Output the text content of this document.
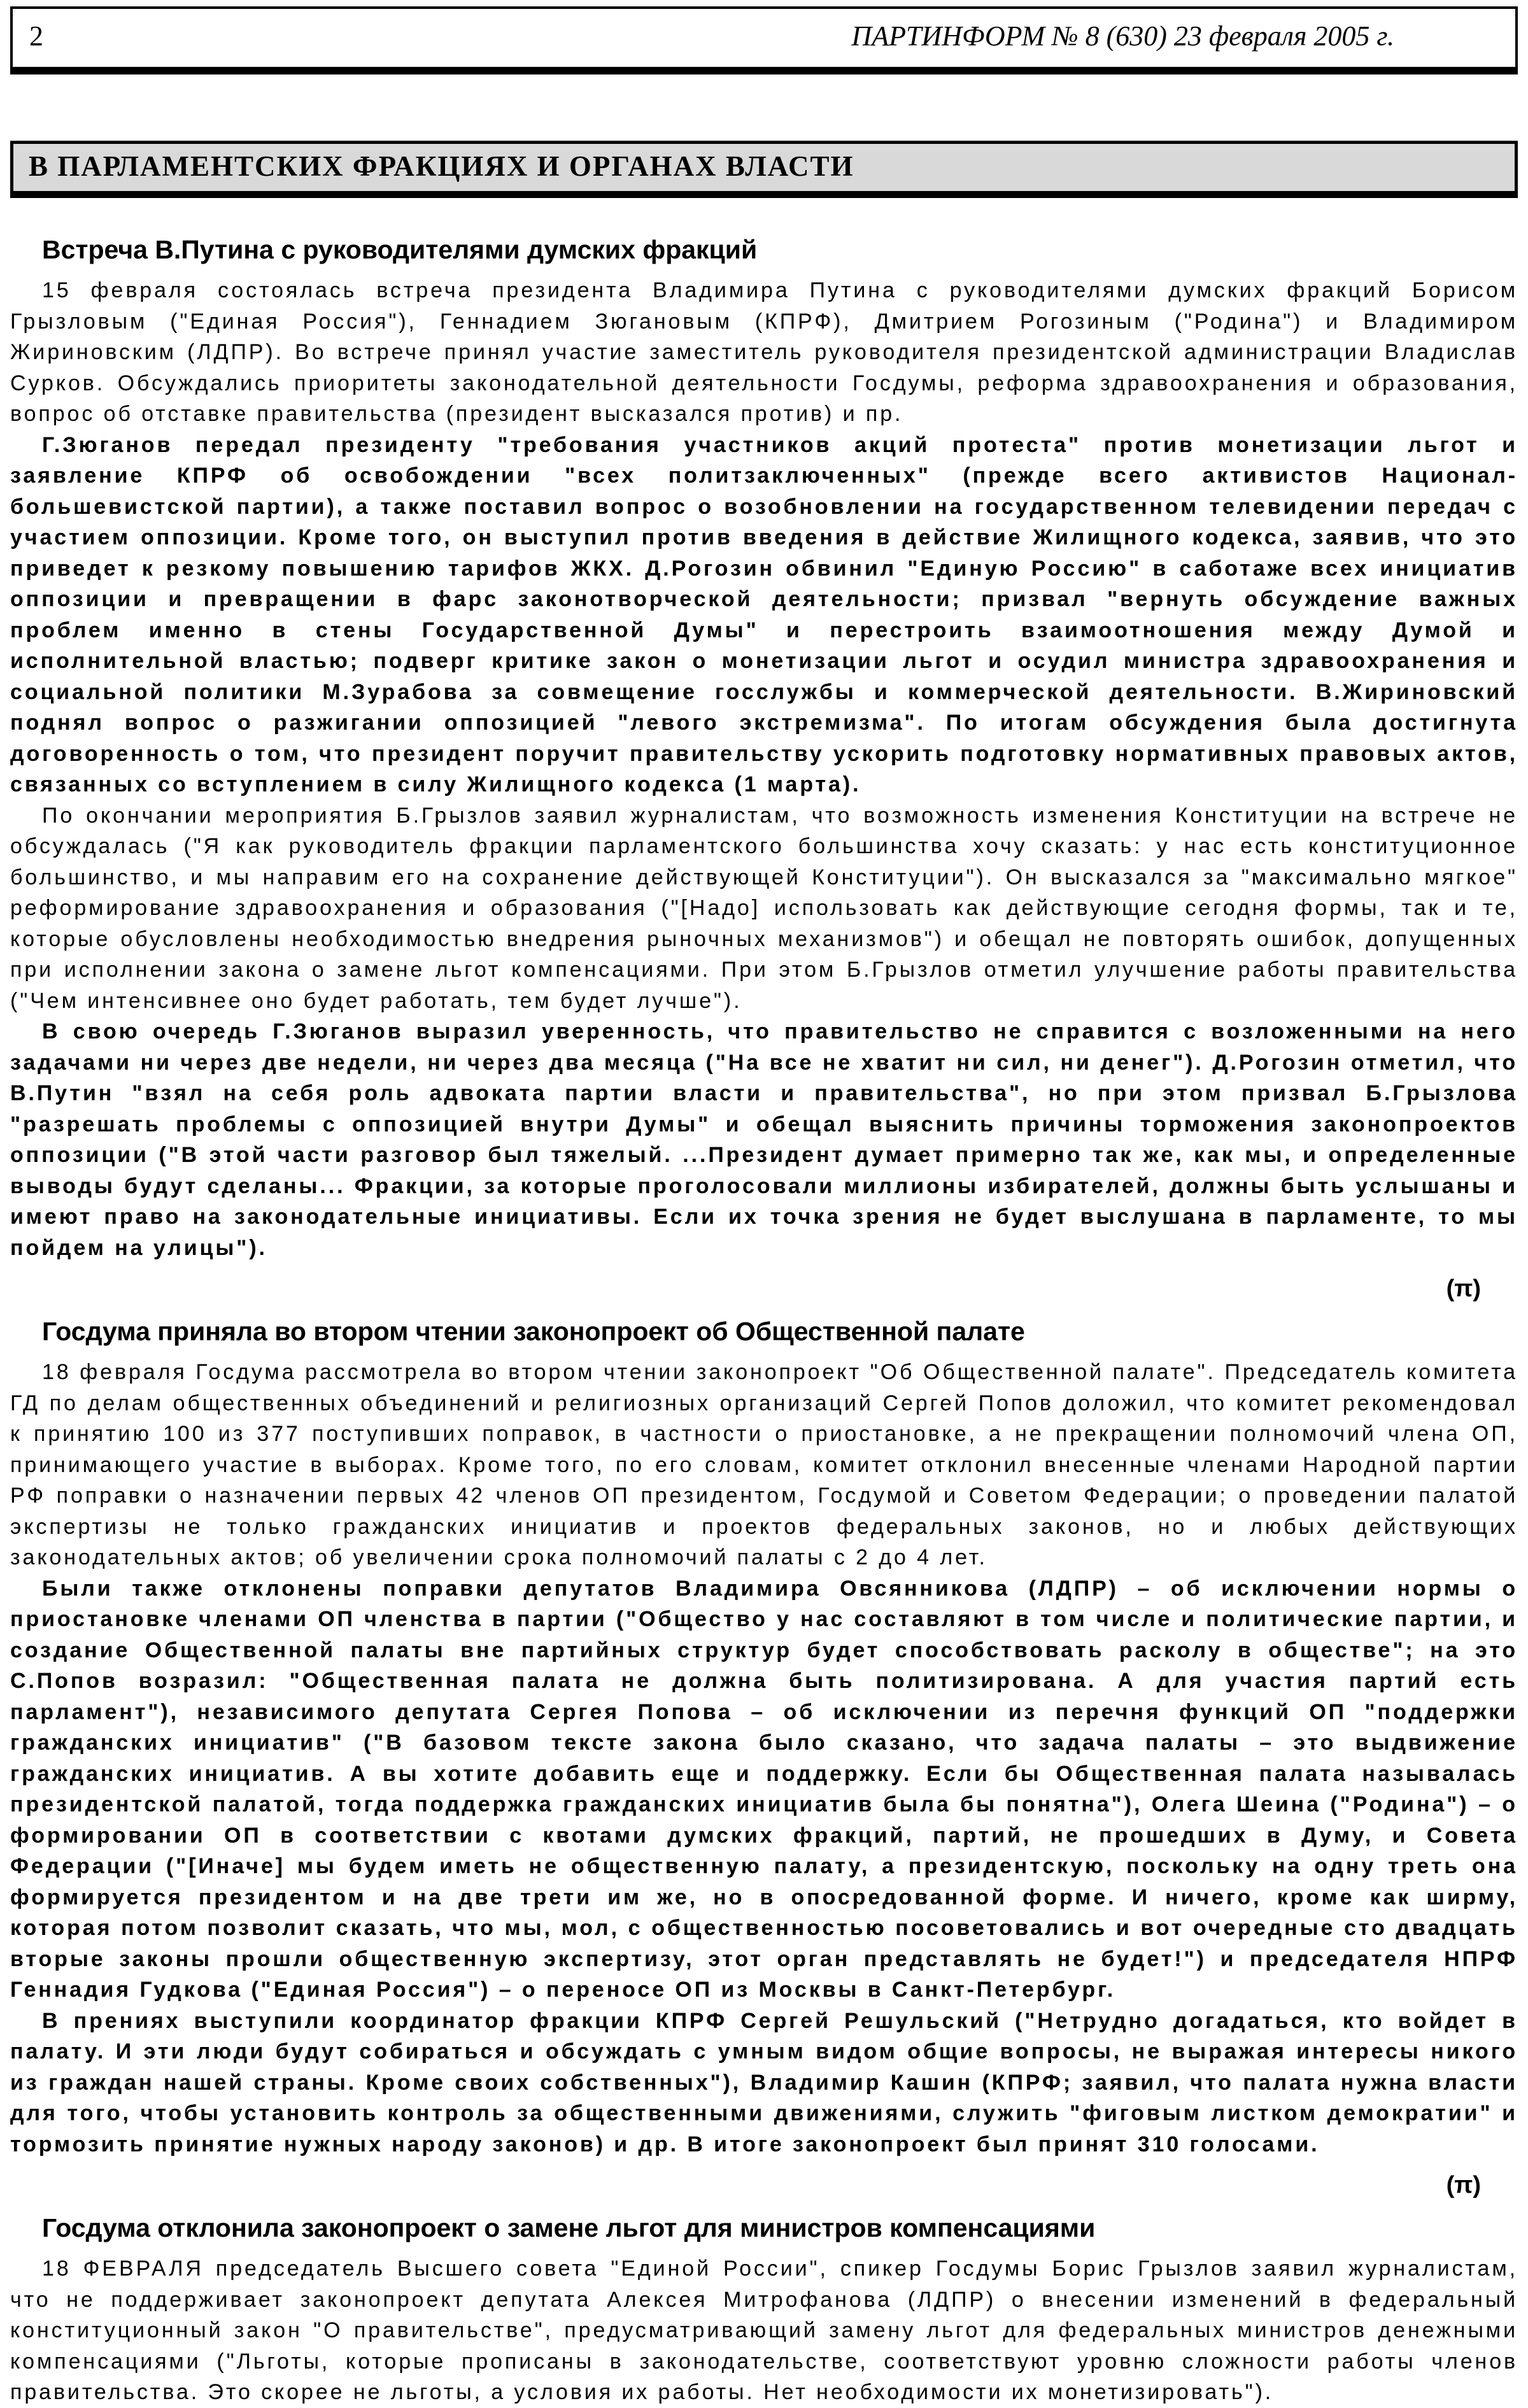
2	ПАРТИНФОРМ № 8 (630) 23 февраля 2005 г.
В ПАРЛАМЕНТСКИХ ФРАКЦИЯХ И ОРГАНАХ ВЛАСТИ
Встреча В.Путина с руководителями думских фракций

15 февраля состоялась встреча президента Владимира Путина с руководителями думских фракций Борисом Грызловым ("Единая Россия"), Геннадием Зюгановым (КПРФ), Дмитрием Рогозиным ("Родина") и Владимиром Жириновским (ЛДПР). Во встрече принял участие заместитель руководителя президентской администрации Владислав Сурков. Обсуждались приоритеты законодательной деятельности Госдумы, реформа здравоохранения и образования, вопрос об отставке правительства (президент высказался против) и пр.

Г.Зюганов передал президенту "требования участников акций протеста" против монетизации льгот и заявление КПРФ об освобождении "всех политзаключенных" (прежде всего активистов Национал-большевистской партии), а также поставил вопрос о возобновлении на государственном телевидении передач с участием оппозиции. Кроме того, он выступил против введения в действие Жилищного кодекса, заявив, что это приведет к резкому повышению тарифов ЖКХ. Д.Рогозин обвинил "Единую Россию" в саботаже всех инициатив оппозиции и превращении в фарс законотворческой деятельности; призвал "вернуть обсуждение важных проблем именно в стены Государственной Думы" и перестроить взаимоотношения между Думой и исполнительной властью; подверг критике закон о монетизации льгот и осудил министра здравоохранения и социальной политики М.Зурабова за совмещение госслужбы и коммерческой деятельности. В.Жириновский поднял вопрос о разжигании оппозицией "левого экстремизма". По итогам обсуждения была достигнута договоренность о том, что президент поручит правительству ускорить подготовку нормативных правовых актов, связанных со вступлением в силу Жилищного кодекса (1 марта).

По окончании мероприятия Б.Грызлов заявил журналистам, что возможность изменения Конституции на встрече не обсуждалась ("Я как руководитель фракции парламентского большинства хочу сказать: у нас есть конституционное большинство, и мы направим его на сохранение действующей Конституции"). Он высказался за "максимально мягкое" реформирование здравоохранения и образования ("[Надо] использовать как действующие сегодня формы, так и те, которые обусловлены необходимостью внедрения рыночных механизмов") и обещал не повторять ошибок, допущенных при исполнении закона о замене льгот компенсациями. При этом Б.Грызлов отметил улучшение работы правительства ("Чем интенсивнее оно будет работать, тем будет лучше").

В свою очередь Г.Зюганов выразил уверенность, что правительство не справится с возложенными на него задачами ни через две недели, ни через два месяца ("На все не хватит ни сил, ни денег"). Д.Рогозин отметил, что В.Путин "взял на себя роль адвоката партии власти и правительства", но при этом призвал Б.Грызлова "разрешать проблемы с оппозицией внутри Думы" и обещал выяснить причины торможения законопроектов оппозиции ("В этой части разговор был тяжелый. ...Президент думает примерно так же, как мы, и определенные выводы будут сделаны... Фракции, за которые проголосовали миллионы избирателей, должны быть услышаны и имеют право на законодательные инициативы. Если их точка зрения не будет выслушана в парламенте, то мы пойдем на улицы").

(π)
Госдума приняла во втором чтении законопроект об Общественной палате

18 февраля Госдума рассмотрела во втором чтении законопроект "Об Общественной палате". Председатель комитета ГД по делам общественных объединений и религиозных организаций Сергей Попов доложил, что комитет рекомендовал к принятию 100 из 377 поступивших поправок, в частности о приостановке, а не прекращении полномочий члена ОП, принимающего участие в выборах. Кроме того, по его словам, комитет отклонил внесенные членами Народной партии РФ поправки о назначении первых 42 членов ОП президентом, Госдумой и Советом Федерации; о проведении палатой экспертизы не только гражданских инициатив и проектов федеральных законов, но и любых действующих законодательных актов; об увеличении срока полномочий палаты с 2 до 4 лет.

Были также отклонены поправки депутатов Владимира Овсянникова (ЛДПР) – об исключении нормы о приостановке членами ОП членства в партии ("Общество у нас составляют в том числе и политические партии, и создание Общественной палаты вне партийных структур будет способствовать расколу в обществе"; на это С.Попов возразил: "Общественная палата не должна быть политизирована. А для участия партий есть парламент"), независимого депутата Сергея Попова – об исключении из перечня функций ОП "поддержки гражданских инициатив" ("В базовом тексте закона было сказано, что задача палаты – это выдвижение гражданских инициатив. А вы хотите добавить еще и поддержку. Если бы Общественная палата называлась президентской палатой, тогда поддержка гражданских инициатив была бы понятна"), Олега Шеина ("Родина") – о формировании ОП в соответствии с квотами думских фракций, партий, не прошедших в Думу, и Совета Федерации ("[Иначе] мы будем иметь не общественную палату, а президентскую, поскольку на одну треть она формируется президентом и на две трети им же, но в опосредованной форме. И ничего, кроме как ширму, которая потом позволит сказать, что мы, мол, с общественностью посоветовались и вот очередные сто двадцать вторые законы прошли общественную экспертизу, этот орган представлять не будет!") и председателя НПРФ Геннадия Гудкова ("Единая Россия") – о переносе ОП из Москвы в Санкт-Петербург.

В прениях выступили координатор фракции КПРФ Сергей Решульский ("Нетрудно догадаться, кто войдет в палату. И эти люди будут собираться и обсуждать с умным видом общие вопросы, не выражая интересы никого из граждан нашей страны. Кроме своих собственных"), Владимир Кашин (КПРФ; заявил, что палата нужна власти для того, чтобы установить контроль за общественными движениями, служить "фиговым листком демократии" и тормозить принятие нужных народу законов) и др. В итоге законопроект был принят 310 голосами.

(π)
Госдума отклонила законопроект о замене льгот для министров компенсациями

18 ФЕВРАЛЯ председатель Высшего совета "Единой России", спикер Госдумы Борис Грызлов заявил журналистам, что не поддерживает законопроект депутата Алексея Митрофанова (ЛДПР) о внесении изменений в федеральный конституционный закон "О правительстве", предусматривающий замену льгот для федеральных министров денежными компенсациями ("Льготы, которые прописаны в законодательстве, соответствуют уровню сложности работы членов правительства. Это скорее не льготы, а условия их работы. Нет необходимости их монетизировать").
